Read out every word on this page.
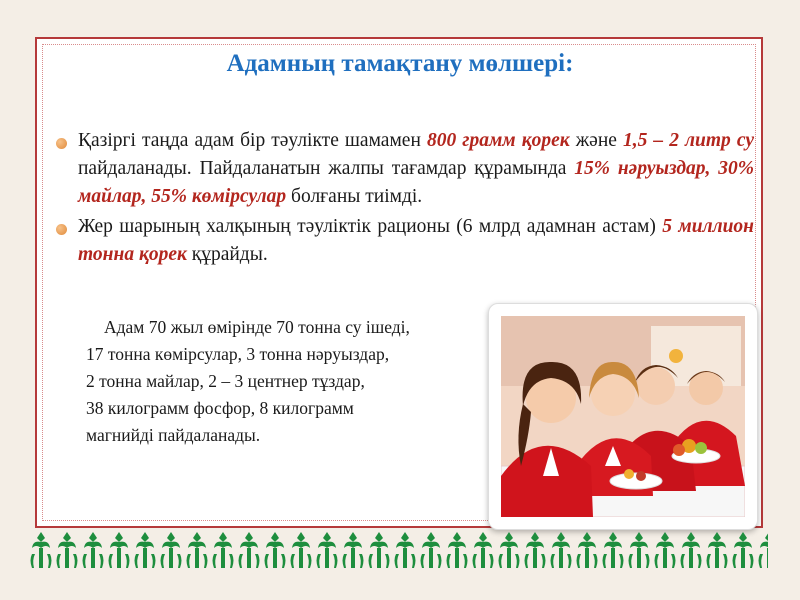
Адамның тамақтану мөлшері:
Қазіргі таңда адам бір тәулікте шамамен 800 грамм қорек және 1,5 – 2 литр су пайдаланады. Пайдаланатын жалпы тағамдар құрамында 15% нәруыздар, 30% майлар, 55% көмірсулар болғаны тиімді.
Жер шарының халқының тәуліктік рационы (6 млрд адамнан астам) 5 миллион тонна қорек құрайды.
Адам 70 жыл өмірінде 70 тонна су ішеді,
17 тонна көмірсулар, 3 тонна нәруыздар,
2 тонна майлар, 2 – 3 центнер тұздар,
38 килограмм фосфор, 8 килограмм
магнийді пайдаланады.
